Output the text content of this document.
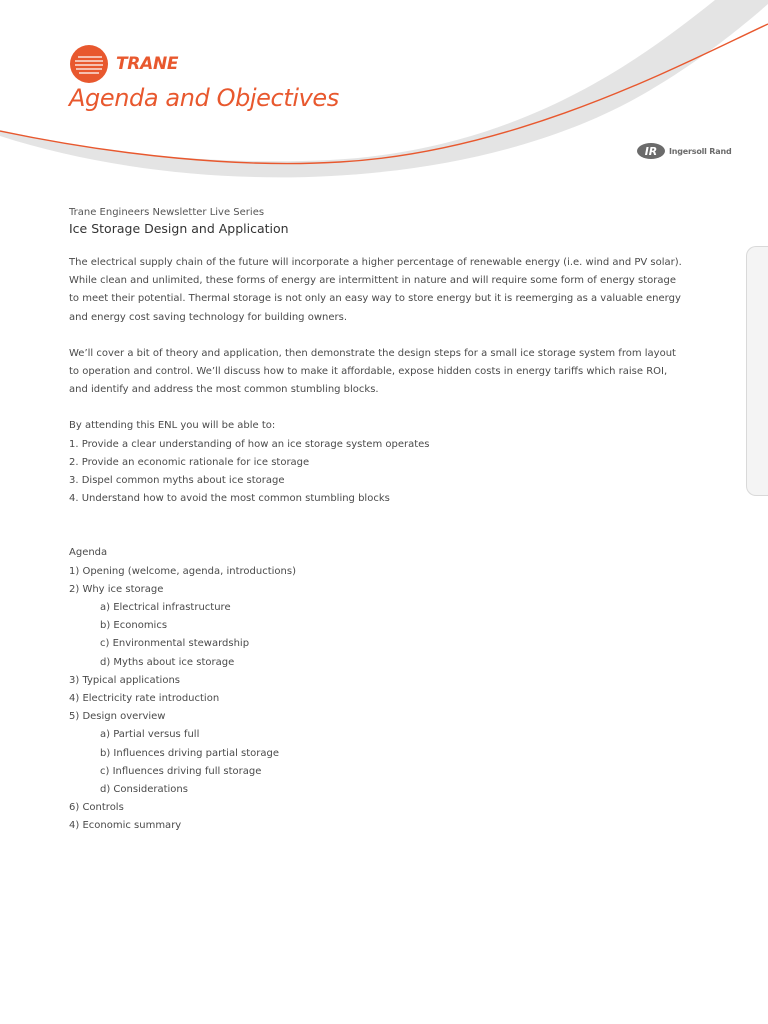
TRANE
Agenda and Objectives
IR Ingersoll Rand
Trane Engineers Newsletter Live Series
Ice Storage Design and Application

The electrical supply chain of the future will incorporate a higher percentage of renewable energy (i.e. wind and PV solar).

While clean and unlimited, these forms of energy are intermittent in nature and will require some form of energy storage

to meet their potential. Thermal storage is not only an easy way to store energy but it is reemerging as a valuable energy

and energy cost saving technology for building owners.

We’ll cover a bit of theory and application, then demonstrate the design steps for a small ice storage system from layout

to operation and control. We’ll discuss how to make it affordable, expose hidden costs in energy tariffs which raise ROI,

and identify and address the most common stumbling blocks.

By attending this ENL you will be able to:

1. Provide a clear understanding of how an ice storage system operates
2. Provide an economic rationale for ice storage
3. Dispel common myths about ice storage
4. Understand how to avoid the most common stumbling blocks

Agenda

1) Opening (welcome, agenda, introductions)
2) Why ice storage
a) Electrical infrastructure
b) Economics
c) Environmental stewardship
d) Myths about ice storage
3) Typical applications
4) Electricity rate introduction
5) Design overview
a) Partial versus full
b) Influences driving partial storage
c) Influences driving full storage
d) Considerations
6) Controls
4) Economic summary
